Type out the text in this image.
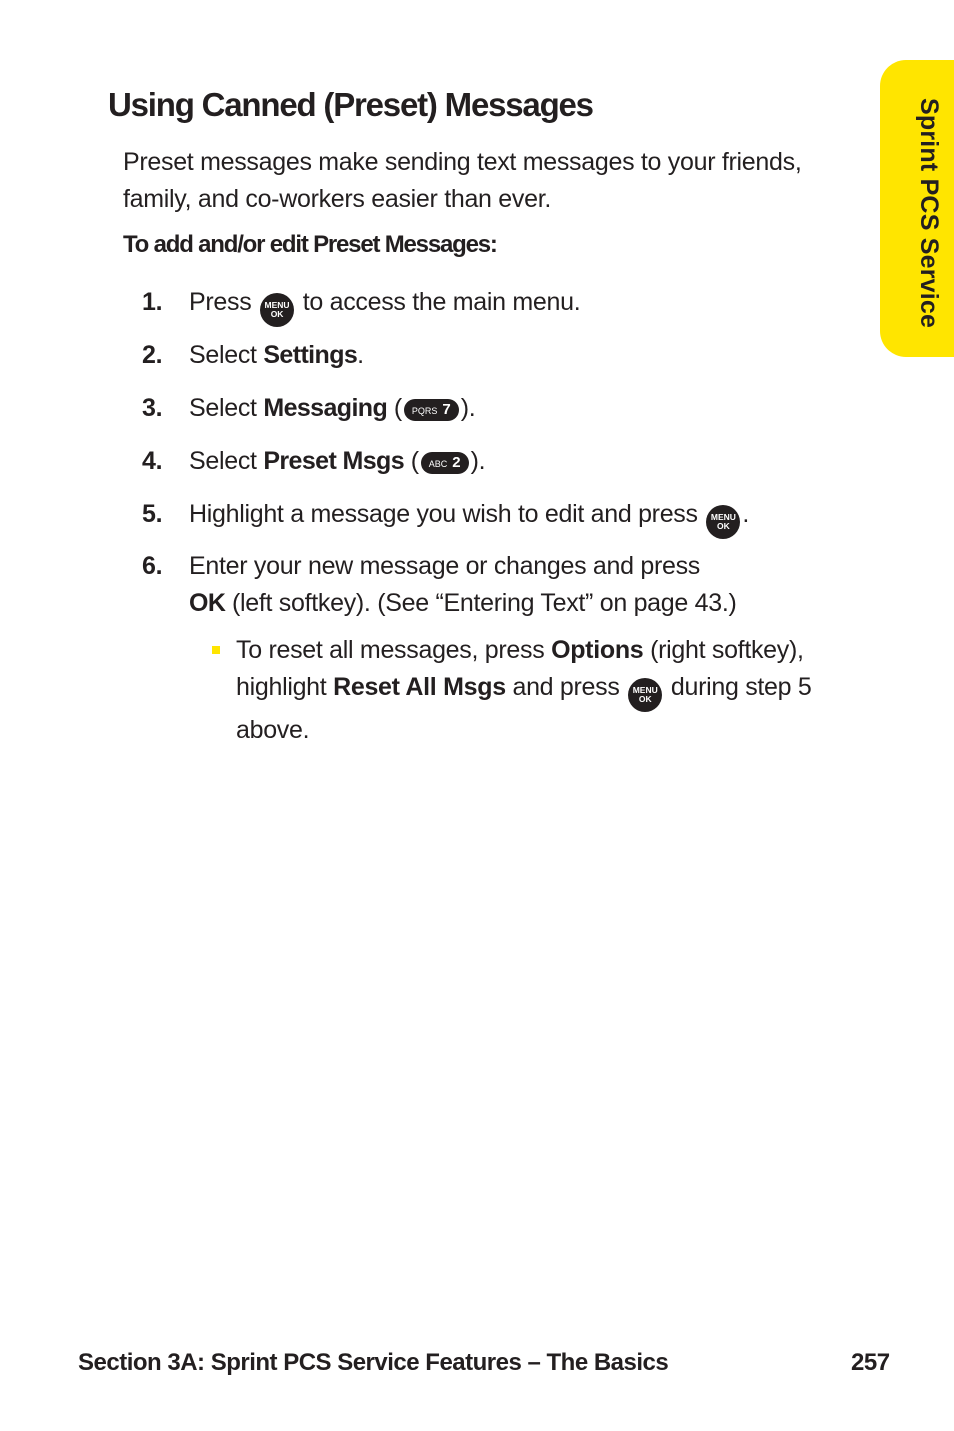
Sprint PCS Service
Using Canned (Preset) Messages

Preset messages make sending text messages to your friends, family, and co-workers easier than ever.

To add and/or edit Preset Messages:

1. Press	MENU
OK to access the main menu.
2. Select Settings.
3. Select Messaging ( PQRS 7 ).
4. Select Preset Msgs ( ABC 2 ).
5. Highlight a message you wish to edit and press	MENU
OK .
6. Enter your new message or changes and press
OK (left softkey). (See “Entering Text” on page 43.)
To reset all messages, press Options (right softkey), highlight Reset All Msgs and press	MENU
OK during step 5 above.
Section 3A: Sprint PCS Service Features – The Basics	257
